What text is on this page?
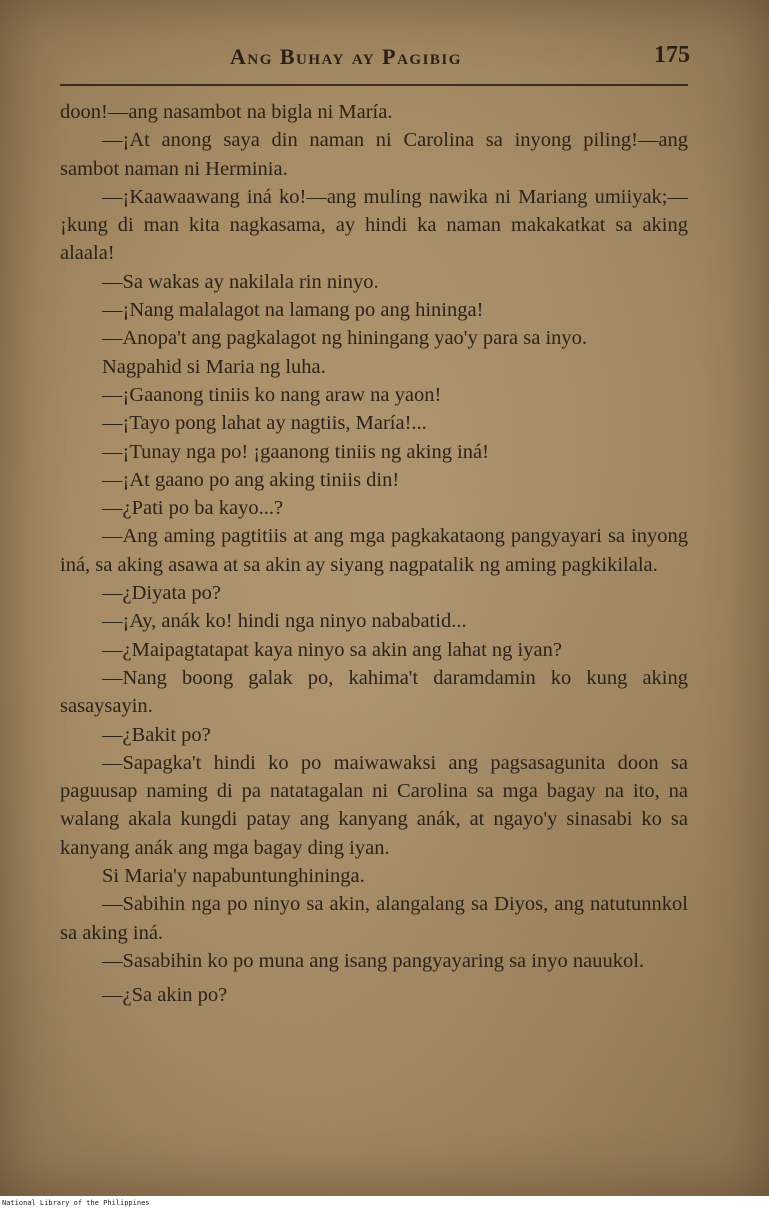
Ang Buhay ay Pagibig	175

doon!—ang nasambot na bigla ni María.

—¡At anong saya din naman ni Carolina sa inyong piling!—ang sambot naman ni Herminia.

—¡Kaawaawang iná ko!—ang muling nawika ni Mariang umiiyak;—¡kung di man kita nagkasama, ay hindi ka naman makakatkat sa aking alaala!

—Sa wakas ay nakilala rin ninyo.

—¡Nang malalagot na lamang po ang hininga!

—Anopa't ang pagkalagot ng hiningang yao'y para sa inyo.

Nagpahid si Maria ng luha.

—¡Gaanong tiniis ko nang araw na yaon!

—¡Tayo pong lahat ay nagtiis, María!...

—¡Tunay nga po! ¡gaanong tiniis ng aking iná!

—¡At gaano po ang aking tiniis din!

—¿Pati po ba kayo...?

—Ang aming pagtitiis at ang mga pagkakataong pangyayari sa inyong iná, sa aking asawa at sa akin ay siyang nagpatalik ng aming pagkikilala.

—¿Diyata po?

—¡Ay, anák ko! hindi nga ninyo nababatid...

—¿Maipagtatapat kaya ninyo sa akin ang lahat ng iyan?

—Nang boong galak po, kahima't daramdamin ko kung aking sasaysayin.

—¿Bakit po?

—Sapagka't hindi ko po maiwawaksi ang pagsasagunita doon sa paguusap naming di pa natatagalan ni Carolina sa mga bagay na ito, na walang akala kungdi patay ang kanyang anák, at ngayo'y sinasabi ko sa kanyang anák ang mga bagay ding iyan.

Si Maria'y napabuntunghininga.

—Sabihin nga po ninyo sa akin, alangalang sa Diyos, ang natutunnkol sa aking iná.

—Sasabihin ko po muna ang isang pangyayaring sa inyo nauukol.

—¿Sa akin po?

National Library of the Philippines
